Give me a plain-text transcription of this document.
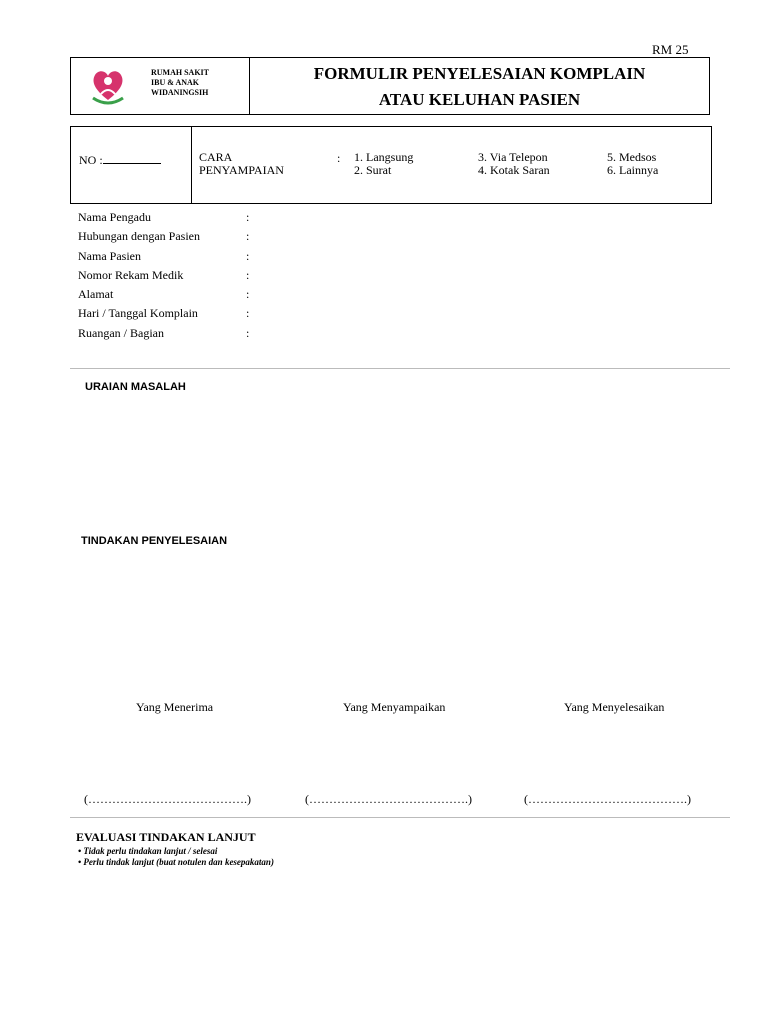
RM 25
RUMAH SAKIT
IBU & ANAK
WIDANINGSIH
FORMULIR PENYELESAIAN KOMPLAIN
ATAU KELUHAN PASIEN
NO :	CARA
PENYAMPAIAN
: 1. Langsung
2. Surat
3. Via Telepon
4. Kotak Saran
5. Medsos
6. Lainnya
Nama Pengadu	:
Hubungan dengan Pasien	:
Nama Pasien	:
Nomor Rekam Medik	:
Alamat	:
Hari / Tanggal Komplain	:
Ruangan / Bagian	:
URAIAN MASALAH
TINDAKAN PENYELESAIAN
Yang Menerima	Yang Menyampaikan	Yang Menyelesaikan
(………………………………….)	(………………………………….)	(………………………………….)
EVALUASI TINDAKAN LANJUT
• Tidak perlu tindakan lanjut / selesai
• Perlu tindak lanjut (buat notulen dan kesepakatan)
